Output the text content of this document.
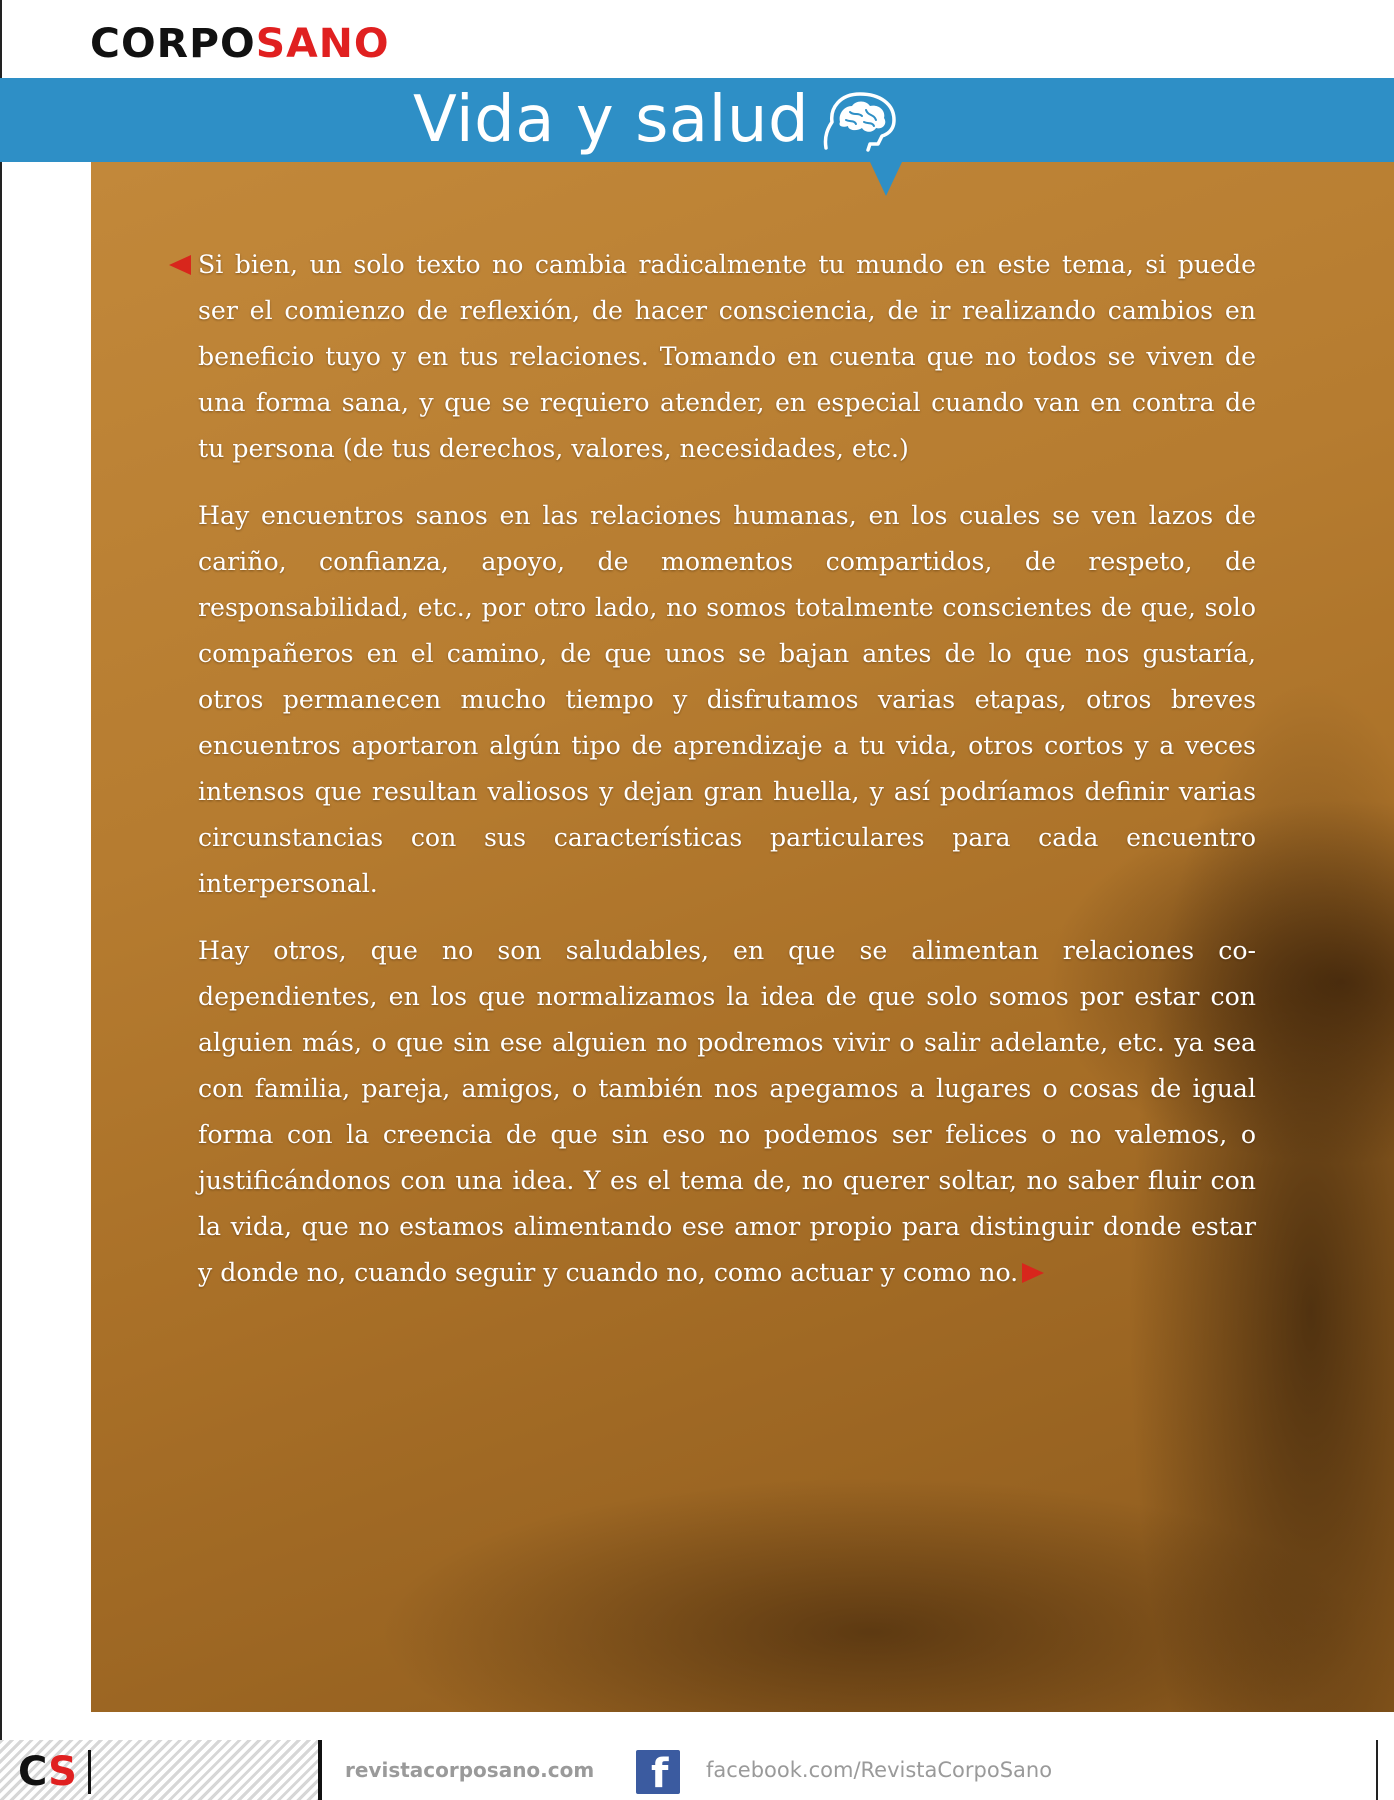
CORPOSANO
Vida y salud

Si bien, un solo texto no cambia radicalmente tu mundo en este tema, si puede ser el comienzo de reflexión, de hacer consciencia, de ir realizando cambios en beneficio tuyo y en tus relaciones. Tomando en cuenta que no todos se viven de una forma sana, y que se requiero atender, en especial cuando van en contra de tu persona (de tus derechos, valores, necesidades, etc.)

Hay encuentros sanos en las relaciones humanas, en los cuales se ven lazos de cariño, confianza, apoyo, de momentos compartidos, de respeto, de responsabilidad, etc., por otro lado, no somos totalmente conscientes de que, solo compañeros en el camino, de que unos se bajan antes de lo que nos gustaría, otros permanecen mucho tiempo y disfrutamos varias etapas, otros breves encuentros aportaron algún tipo de aprendizaje a tu vida, otros cortos y a veces intensos que resultan valiosos y dejan gran huella, y así podríamos definir varias circunstancias con sus características particulares para cada encuentro interpersonal.

Hay otros, que no son saludables, en que se alimentan relaciones co-dependientes, en los que normalizamos la idea de que solo somos por estar con alguien más, o que sin ese alguien no podremos vivir o salir adelante, etc. ya sea con familia, pareja, amigos, o también nos apegamos a lugares o cosas de igual forma con la creencia de que sin eso no podemos ser felices o no valemos, o justificándonos con una idea. Y es el tema de, no querer soltar, no saber fluir con la vida, que no estamos alimentando ese amor propio para distinguir donde estar y donde no, cuando seguir y cuando no, como actuar y como no.

CS	revistacorposano.com f facebook.com/RevistaCorpoSano
